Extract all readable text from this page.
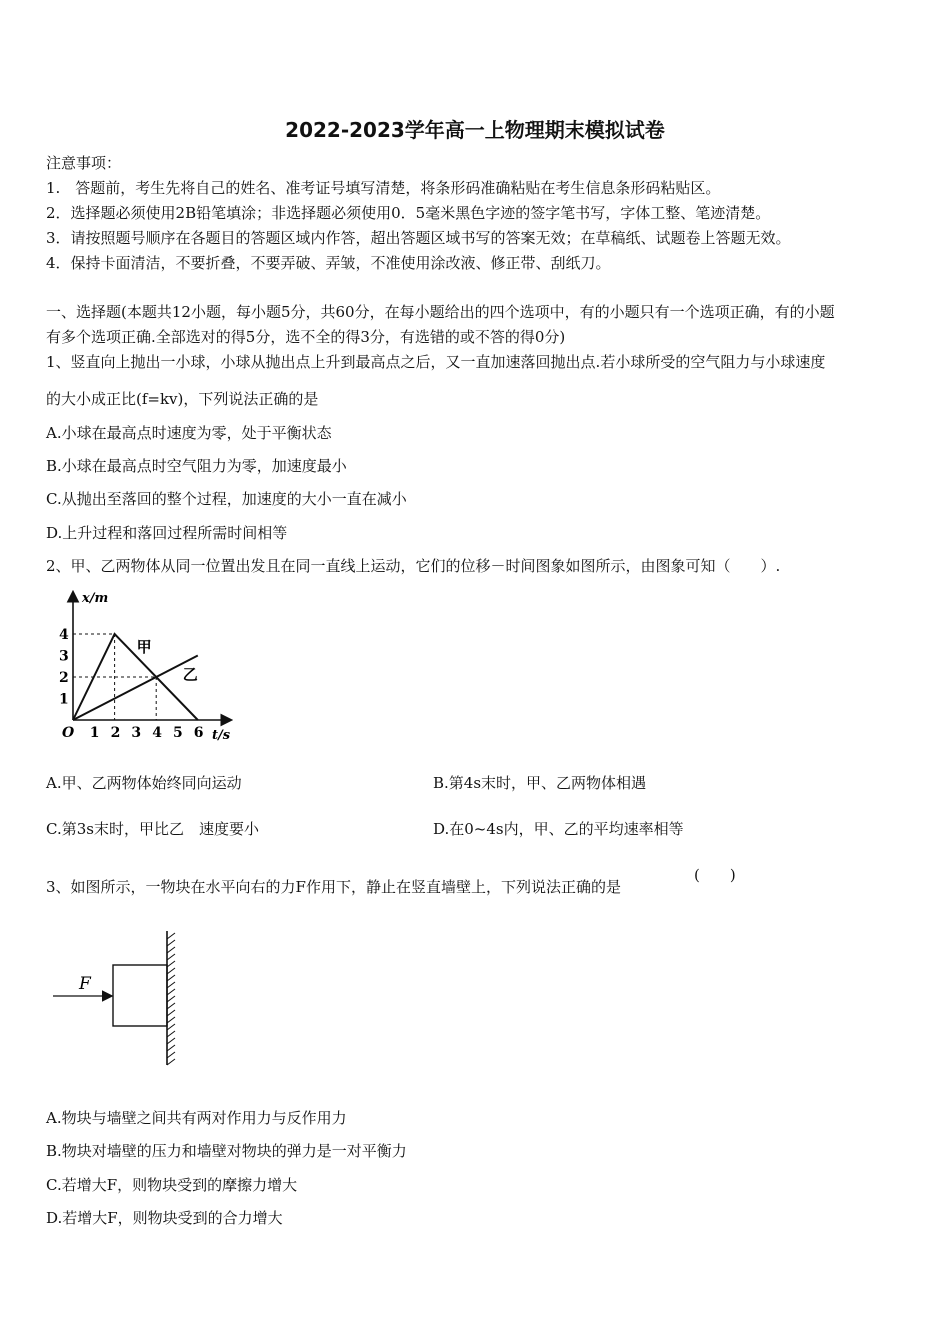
2022-2023学年高一上物理期末模拟试卷
注意事项：
1.　答题前，考生先将自己的姓名、准考证号填写清楚，将条形码准确粘贴在考生信息条形码粘贴区。
2．选择题必须使用2B铅笔填涂；非选择题必须使用0．5毫米黑色字迹的签字笔书写，字体工整、笔迹清楚。
3．请按照题号顺序在各题目的答题区域内作答，超出答题区域书写的答案无效；在草稿纸、试题卷上答题无效。
4．保持卡面清洁，不要折叠，不要弄破、弄皱，不准使用涂改液、修正带、刮纸刀。
一、选择题(本题共12小题，每小题5分，共60分，在每小题给出的四个选项中，有的小题只有一个选项正确，有的小题
有多个选项正确.全部选对的得5分，选不全的得3分，有选错的或不答的得0分)
1、竖直向上抛出一小球，小球从抛出点上升到最高点之后，又一直加速落回抛出点.若小球所受的空气阻力与小球速度
的大小成正比(f=kv)，下列说法正确的是
A.小球在最高点时速度为零，处于平衡状态
B.小球在最高点时空气阻力为零，加速度最小
C.从抛出至落回的整个过程，加速度的大小一直在减小
D.上升过程和落回过程所需时间相等
2、甲、乙两物体从同一位置出发且在同一直线上运动，它们的位移－时间图象如图所示，由图象可知（　　）.
x/m
t/s
O 1 2 3 4 5 6
1
2
3
4
甲
乙
A.甲、乙两物体始终同向运动	B.第4s末时，甲、乙两物体相遇
C.第3s末时，甲比乙　速度要小	D.在0~4s内，甲、乙的平均速率相等
3、如图所示，一物块在水平向右的力F作用下，静止在竖直墙壁上，下列说法正确的是
(　　)
F
A.物块与墙壁之间共有两对作用力与反作用力
B.物块对墙壁的压力和墙壁对物块的弹力是一对平衡力
C.若增大F，则物块受到的摩擦力增大
D.若增大F，则物块受到的合力增大
